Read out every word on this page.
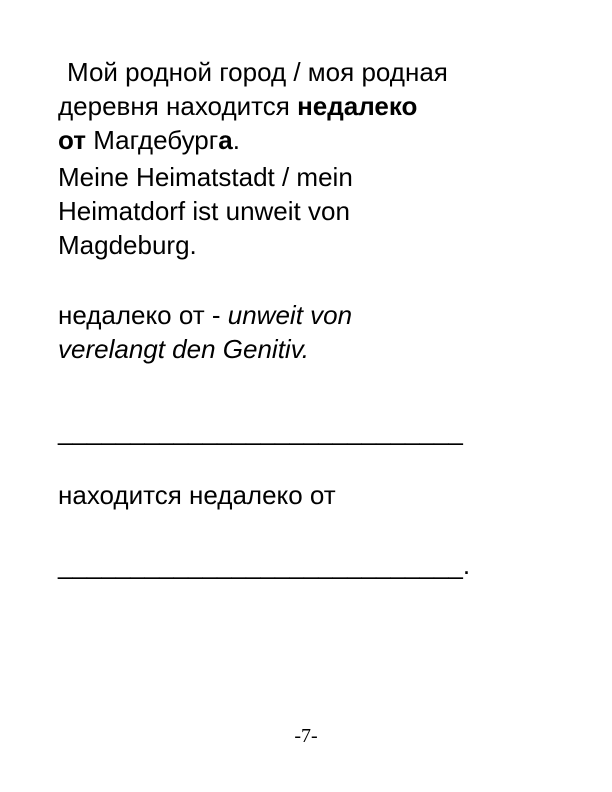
Мой родной город / моя родная
деревня находится недалеко
от Магдебурга.
Meine Heimatstadt / mein
Heimatdorf ist unweit von
Magdeburg.
недалеко от - unweit von
verelangt den Genitiv.
____________________________
находится недалеко от
____________________________.
-7-
